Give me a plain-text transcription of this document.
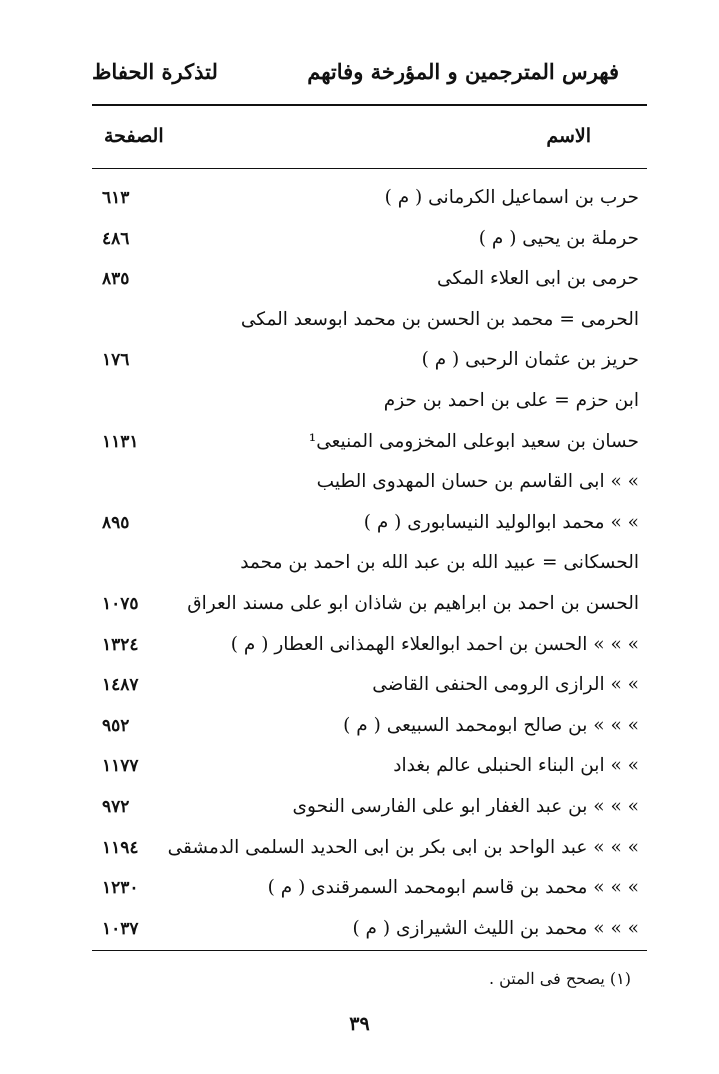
فهرس المترجمين و المؤرخة وفاتهم
لتذكرة الحفاظ
الاسم
الصفحة
حرب بن اسماعيل الكرمانى ( م )
٦١٣
حرملة بن يحيى ( م )
٤٨٦
حرمى بن ابى العلاء المكى
٨٣٥
الحرمى = محمد بن الحسن بن محمد ابوسعد المكى
حريز بن عثمان الرحبى ( م )
١٧٦
ابن حزم = على بن احمد بن حزم
حسان بن سعيد ابوعلى المخزومى المنيعى¹
١١٣١
» » ابى القاسم بن حسان المهدوى الطيب
» » محمد ابوالوليد النيسابورى ( م )
٨٩٥
الحسكانى = عبيد الله بن عبد الله بن احمد بن محمد
الحسن بن احمد بن ابراهيم بن شاذان ابو على مسند العراق
١٠٧٥
» » » الحسن بن احمد ابوالعلاء الهمذانى العطار ( م )
١٣٢٤
» » الرازى الرومى الحنفى القاضى
١٤٨٧
» » » بن صالح ابومحمد السبيعى ( م )
٩٥٢
» » ابن البناء الحنبلى عالم بغداد
١١٧٧
» » » بن عبد الغفار ابو على الفارسى النحوى
٩٧٢
» » » عبد الواحد بن ابى بكر بن ابى الحديد السلمى الدمشقى
١١٩٤
» » » محمد بن قاسم ابومحمد السمرقندى ( م )
١٢٣٠
» » » محمد بن الليث الشيرازى ( م )
١٠٣٧
(١) يصحح فى المتن .
٣٩
